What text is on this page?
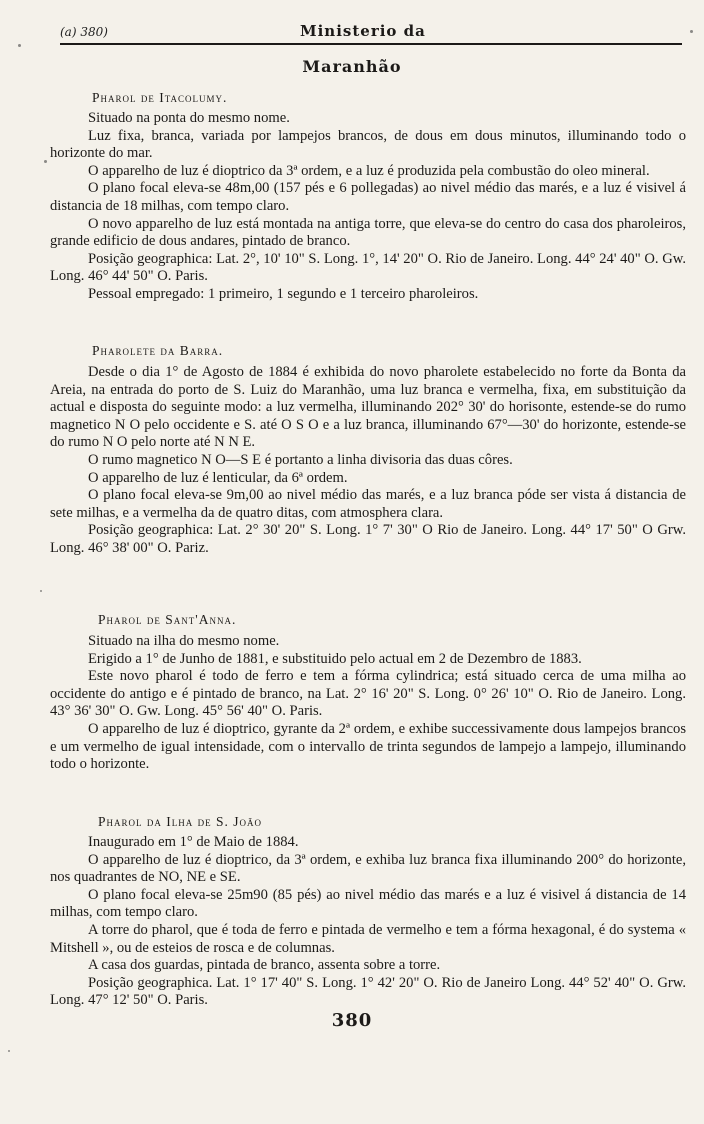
(a) 380)	Ministerio da
Maranhão
Pharol de Itacolumy.
Situado na ponta do mesmo nome.
Luz fixa, branca, variada por lampejos brancos, de dous em dous minutos, illuminando todo o horizonte do mar.
O apparelho de luz é dioptrico da 3ª ordem, e a luz é produzida pela combustão do oleo mineral.
O plano focal eleva-se 48m,00 (157 pés e 6 pollegadas) ao nivel médio das marés, e a luz é visivel á distancia de 18 milhas, com tempo claro.
O novo apparelho de luz está montada na antiga torre, que eleva-se do centro do casa dos pharoleiros, grande edificio de dous andares, pintado de branco.
Posição geographica: Lat. 2°, 10' 10" S. Long. 1°, 14' 20" O. Rio de Janeiro. Long. 44° 24' 40" O. Gw. Long. 46° 44' 50" O. Paris.
Pessoal empregado: 1 primeiro, 1 segundo e 1 terceiro pharoleiros.
Pharolete da Barra.
Desde o dia 1° de Agosto de 1884 é exhibida do novo pharolete estabelecido no forte da Bonta da Areia, na entrada do porto de S. Luiz do Maranhão, uma luz branca e vermelha, fixa, em substituição da actual e disposta do seguinte modo: a luz vermelha, illuminando 202° 30' do horisonte, estende-se do rumo magnetico N O pelo occidente e S. até O S O e a luz branca, illuminando 67°—30' do horizonte, estende-se do rumo N O pelo norte até N N E.
O rumo magnetico N O—S E é portanto a linha divisoria das duas côres.
O apparelho de luz é lenticular, da 6ª ordem.
O plano focal eleva-se 9m,00 ao nivel médio das marés, e a luz branca póde ser vista á distancia de sete milhas, e a vermelha da de quatro ditas, com atmosphera clara.
Posição geographica: Lat. 2° 30' 20" S. Long. 1° 7' 30" O Rio de Janeiro. Long. 44° 17' 50" O Grw. Long. 46° 38' 00" O. Pariz.
Pharol de Sant'Anna.
Situado na ilha do mesmo nome.
Erigido a 1° de Junho de 1881, e substituido pelo actual em 2 de Dezembro de 1883.
Este novo pharol é todo de ferro e tem a fórma cylindrica; está situado cerca de uma milha ao occidente do antigo e é pintado de branco, na Lat. 2° 16' 20" S. Long. 0° 26' 10" O. Rio de Janeiro. Long. 43° 36' 30" O. Gw. Long. 45° 56' 40" O. Paris.
O apparelho de luz é dioptrico, gyrante da 2ª ordem, e exhibe successivamente dous lampejos brancos e um vermelho de igual intensidade, com o intervallo de trinta segundos de lampejo a lampejo, illuminando todo o horizonte.
Pharol da Ilha de S. João
Inaugurado em 1° de Maio de 1884.
O apparelho de luz é dioptrico, da 3ª ordem, e exhiba luz branca fixa illuminando 200° do horizonte, nos quadrantes de NO, NE e SE.
O plano focal eleva-se 25m90 (85 pés) ao nivel médio das marés e a luz é visivel á distancia de 14 milhas, com tempo claro.
A torre do pharol, que é toda de ferro e pintada de vermelho e tem a fórma hexagonal, é do systema « Mitshell », ou de esteios de rosca e de columnas.
A casa dos guardas, pintada de branco, assenta sobre a torre.
Posição geographica. Lat. 1° 17' 40" S. Long. 1° 42' 20" O. Rio de Janeiro Long. 44° 52' 40" O. Grw. Long. 47° 12' 50" O. Paris.
380
